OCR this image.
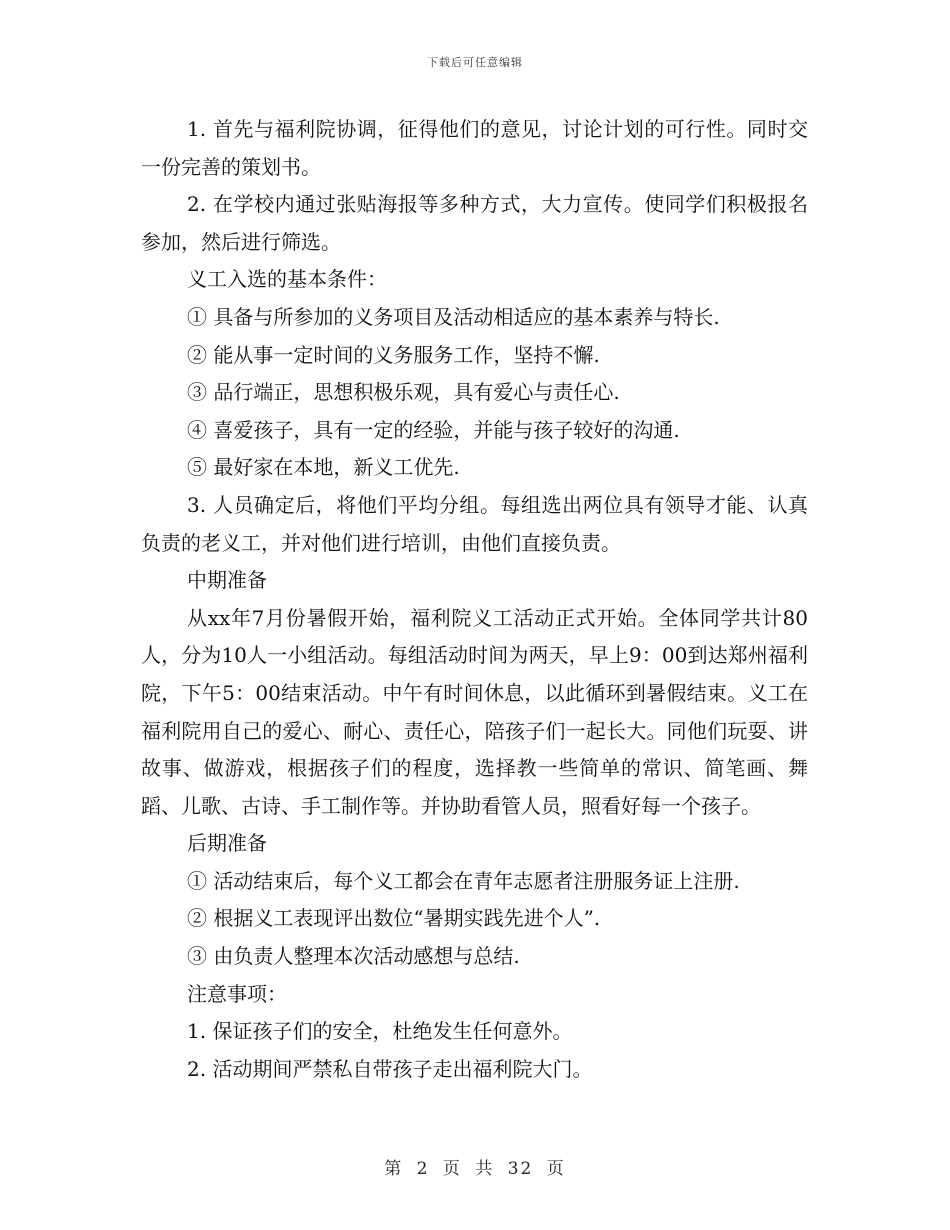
下载后可任意编辑

1. 首先与福利院协调，征得他们的意见，讨论计划的可行性。同时交一份完善的策划书。

2. 在学校内通过张贴海报等多种方式，大力宣传。使同学们积极报名参加，然后进行筛选。

义工入选的基本条件：

① 具备与所参加的义务项目及活动相适应的基本素养与特长.

② 能从事一定时间的义务服务工作，坚持不懈.

③ 品行端正，思想积极乐观，具有爱心与责任心.

④ 喜爱孩子，具有一定的经验，并能与孩子较好的沟通.

⑤ 最好家在本地，新义工优先.

3. 人员确定后，将他们平均分组。每组选出两位具有领导才能、认真负责的老义工，并对他们进行培训，由他们直接负责。

中期准备

从xx年7月份暑假开始，福利院义工活动正式开始。全体同学共计80人，分为10人一小组活动。每组活动时间为两天，早上9：00到达郑州福利院，下午5：00结束活动。中午有时间休息，以此循环到暑假结束。义工在福利院用自己的爱心、耐心、责任心，陪孩子们一起长大。同他们玩耍、讲故事、做游戏，根据孩子们的程度，选择教一些简单的常识、简笔画、舞蹈、儿歌、古诗、手工制作等。并协助看管人员，照看好每一个孩子。

后期准备

① 活动结束后，每个义工都会在青年志愿者注册服务证上注册.

② 根据义工表现评出数位“暑期实践先进个人”.

③ 由负责人整理本次活动感想与总结.

注意事项：

1. 保证孩子们的安全，杜绝发生任何意外。

2. 活动期间严禁私自带孩子走出福利院大门。

第 2 页 共 32 页
